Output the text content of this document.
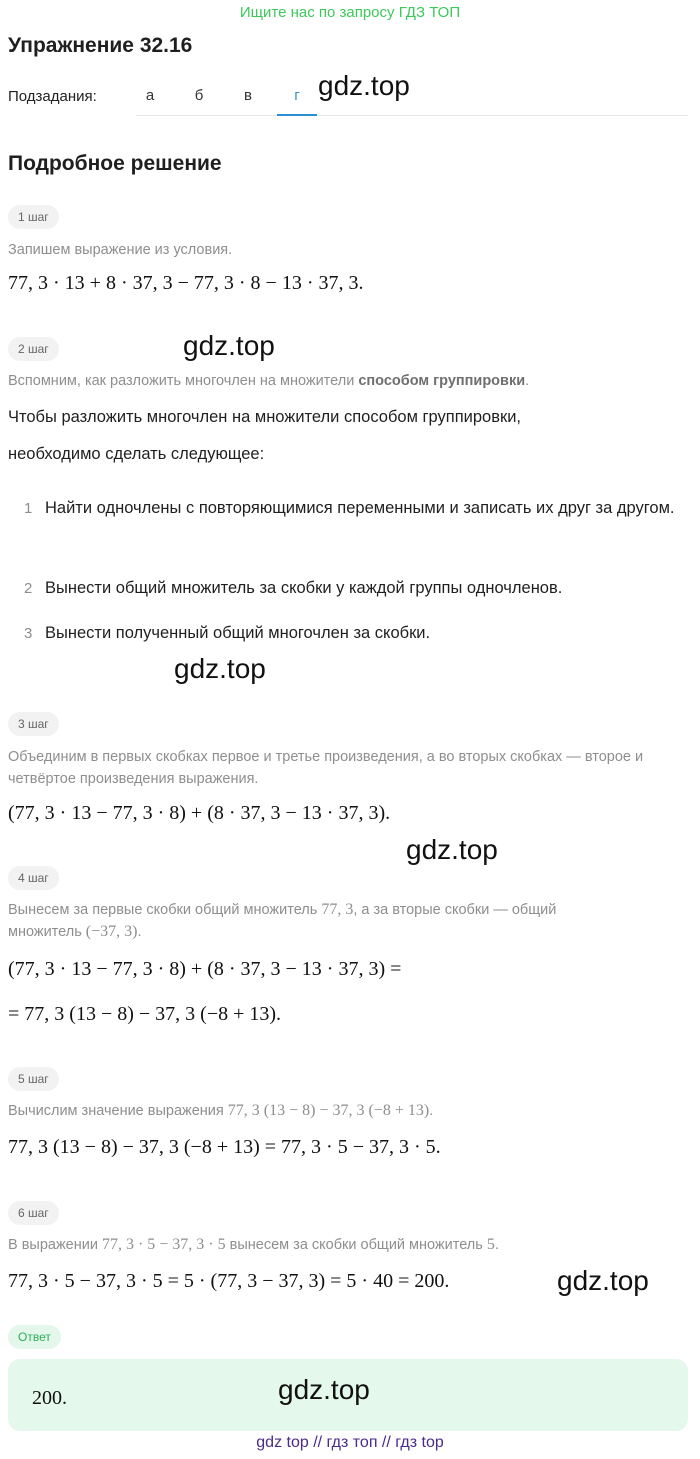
Ищите нас по запросу ГДЗ ТОП
Упражнение 32.16
Подзадания:	а	б	в	г gdz.top
Подробное решение
1 шаг
Запишем выражение из условия.
77, 3 · 13 + 8 · 37, 3 − 77, 3 · 8 − 13 · 37, 3.
2 шаг	gdz.top
Вспомним, как разложить многочлен на множители способом группировки.
Чтобы разложить многочлен на множители способом группировки,
необходимо сделать следующее:
1 Найти одночлены с повторяющимися переменными и записать их друг за другом.
2 Вынести общий множитель за скобки у каждой группы одночленов.
3 Вынести полученный общий многочлен за скобки.
gdz.top
3 шаг
Объединим в первых скобках первое и третье произведения, а во вторых скобках — второе и четвёртое произведения выражения.
(77, 3 · 13 − 77, 3 · 8) + (8 · 37, 3 − 13 · 37, 3).
gdz.top
4 шаг
Вынесем за первые скобки общий множитель 77, 3, а за вторые скобки — общий
множитель (−37, 3).
(77, 3 · 13 − 77, 3 · 8) + (8 · 37, 3 − 13 · 37, 3) =
= 77, 3 (13 − 8) − 37, 3 (−8 + 13).
5 шаг
Вычислим значение выражения 77, 3 (13 − 8) − 37, 3 (−8 + 13).
77, 3 (13 − 8) − 37, 3 (−8 + 13) = 77, 3 · 5 − 37, 3 · 5.
6 шаг
В выражении 77, 3 · 5 − 37, 3 · 5 вынесем за скобки общий множитель 5.
77, 3 · 5 − 37, 3 · 5 = 5 · (77, 3 − 37, 3) = 5 · 40 = 200.	gdz.top
Ответ
200.	gdz.top
gdz top // гдз топ // гдз top
